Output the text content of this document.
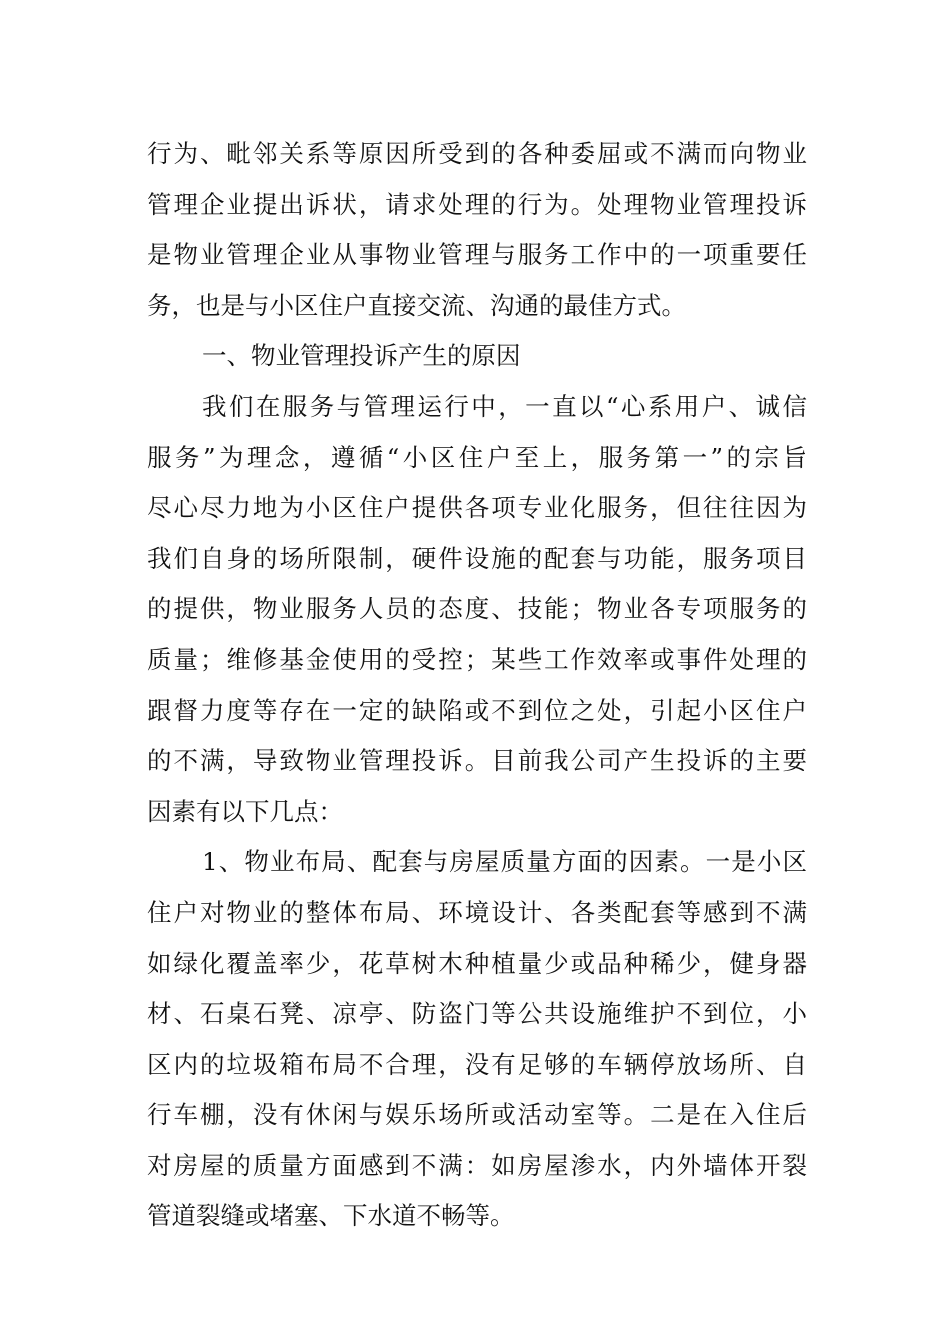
行为、毗邻关系等原因所受到的各种委屈或不满而向物业
管理企业提出诉状，请求处理的行为。处理物业管理投诉
是物业管理企业从事物业管理与服务工作中的一项重要任
务，也是与小区住户直接交流、沟通的最佳方式。
一、物业管理投诉产生的原因
我们在服务与管理运行中，一直以“心系用户、诚信
服务”为理念，遵循“小区住户至上，服务第一”的宗旨
尽心尽力地为小区住户提供各项专业化服务，但往往因为
我们自身的场所限制，硬件设施的配套与功能，服务项目
的提供，物业服务人员的态度、技能；物业各专项服务的
质量；维修基金使用的受控；某些工作效率或事件处理的
跟督力度等存在一定的缺陷或不到位之处，引起小区住户
的不满，导致物业管理投诉。目前我公司产生投诉的主要
因素有以下几点：
1、物业布局、配套与房屋质量方面的因素。一是小区
住户对物业的整体布局、环境设计、各类配套等感到不满
如绿化覆盖率少，花草树木种植量少或品种稀少，健身器
材、石桌石凳、凉亭、防盗门等公共设施维护不到位，小
区内的垃圾箱布局不合理，没有足够的车辆停放场所、自
行车棚，没有休闲与娱乐场所或活动室等。二是在入住后
对房屋的质量方面感到不满：如房屋渗水，内外墙体开裂
管道裂缝或堵塞、下水道不畅等。
